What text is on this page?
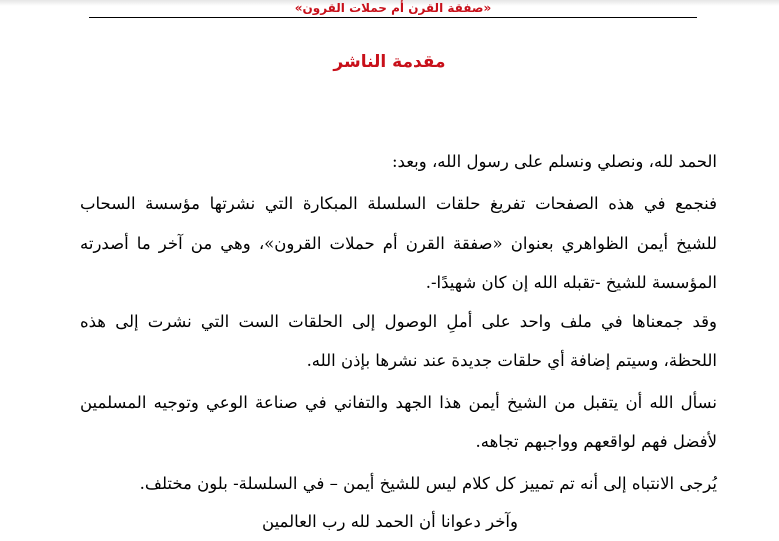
«صفقة القرن أم حملات القرون»
مقدمة الناشر
الحمد لله، ونصلي ونسلم على رسول الله، وبعد:
فنجمع في هذه الصفحات تفريغ حلقات السلسلة المبكارة التي نشرتها مؤسسة السحاب
للشيخ أيمن الظواهري بعنوان «صفقة القرن أم حملات القرون»، وهي من آخر ما أصدرته
المؤسسة للشيخ -تقبله الله إن كان شهيدًا-.
وقد جمعناها في ملف واحد على أملِ الوصول إلى الحلقات الست التي نشرت إلى هذه
اللحظة، وسيتم إضافة أي حلقات جديدة عند نشرها بإذن الله.
نسأل الله أن يتقبل من الشيخ أيمن هذا الجهد والتفاني في صناعة الوعي وتوجيه المسلمين
لأفضل فهم لواقعهم وواجبهم تجاهه.
يُرجى الانتباه إلى أنه تم تمييز كل كلام ليس للشيخ أيمن – في السلسلة- بلون مختلف.
وآخر دعوانا أن الحمد لله رب العالمين
